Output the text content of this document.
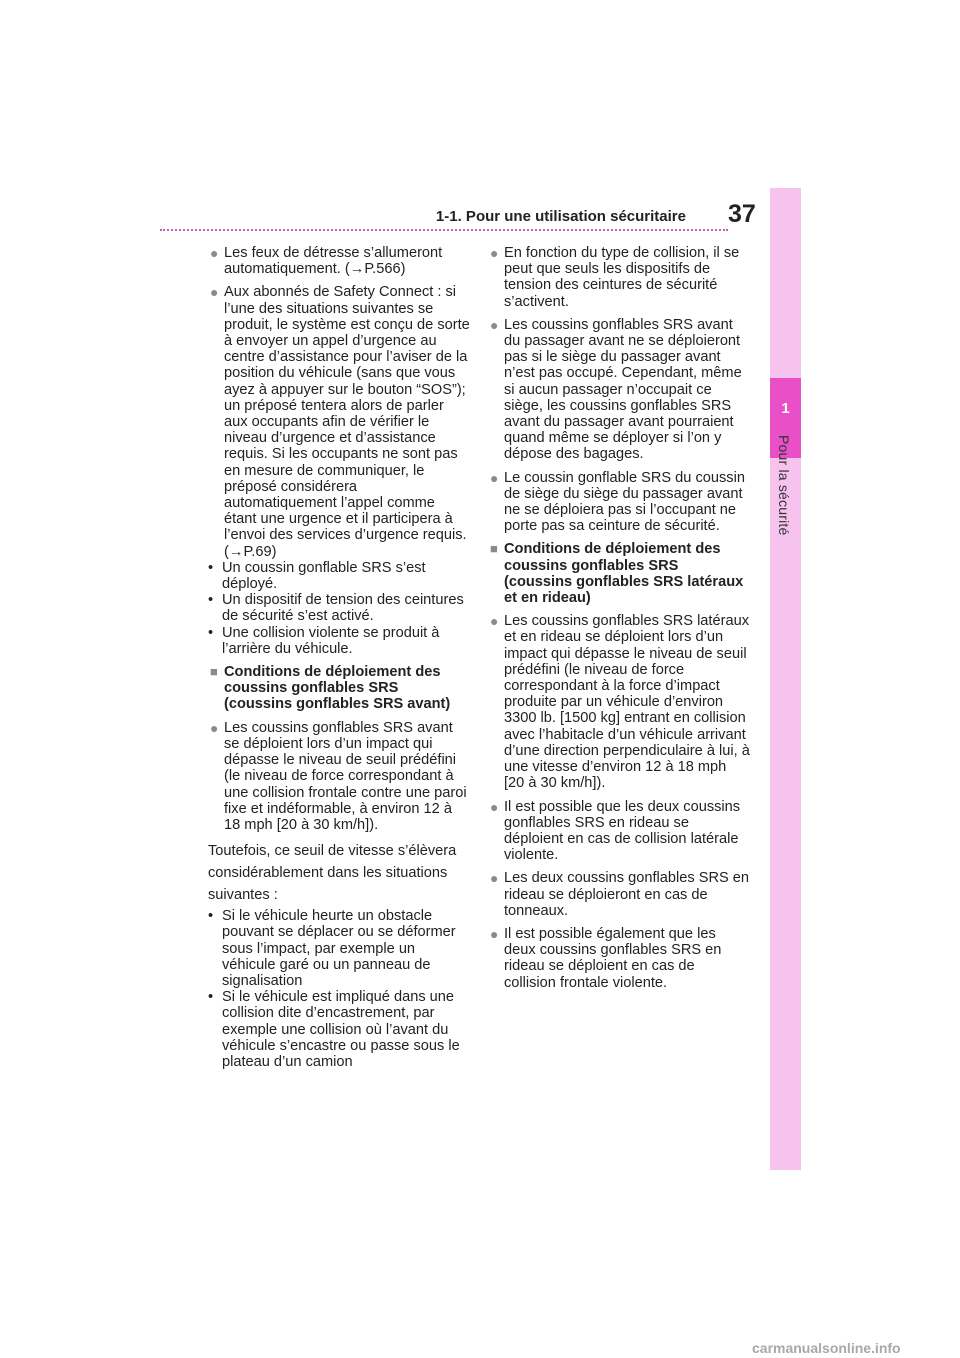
1-1. Pour une utilisation sécuritaire 37
1
Pour la sécurité
● Les feux de détresse s’allumeront automatiquement. (→P.566)
● Aux abonnés de Safety Connect : si l’une des situations suivantes se produit, le système est conçu de sorte à envoyer un appel d’urgence au centre d’assistance pour l’aviser de la position du véhicule (sans que vous ayez à appuyer sur le bouton “SOS”); un préposé tentera alors de parler aux occupants afin de vérifier le niveau d’urgence et d’assistance requis. Si les occupants ne sont pas en mesure de communiquer, le préposé considérera automatiquement l’appel comme étant une urgence et il participera à l’envoi des services d’urgence requis. (→P.69)
• Un coussin gonflable SRS s’est déployé.
• Un dispositif de tension des ceintures de sécurité s’est activé.
• Une collision violente se produit à l’arrière du véhicule.
■ Conditions de déploiement des coussins gonflables SRS (coussins gonflables SRS avant)
● Les coussins gonflables SRS avant se déploient lors d’un impact qui dépasse le niveau de seuil prédéfini (le niveau de force correspondant à une collision frontale contre une paroi fixe et indéformable, à environ 12 à 18 mph [20 à 30 km/h]).
Toutefois, ce seuil de vitesse s’élèvera considérablement dans les situations suivantes :
• Si le véhicule heurte un obstacle pouvant se déplacer ou se déformer sous l’impact, par exemple un véhicule garé ou un panneau de signalisation
• Si le véhicule est impliqué dans une collision dite d’encastrement, par exemple une collision où l’avant du véhicule s’encastre ou passe sous le plateau d’un camion
● En fonction du type de collision, il se peut que seuls les dispositifs de tension des ceintures de sécurité s’activent.
● Les coussins gonflables SRS avant du passager avant ne se déploieront pas si le siège du passager avant n’est pas occupé. Cependant, même si aucun passager n’occupait ce siège, les coussins gonflables SRS avant du passager avant pourraient quand même se déployer si l’on y dépose des bagages.
● Le coussin gonflable SRS du coussin de siège du siège du passager avant ne se déploiera pas si l’occupant ne porte pas sa ceinture de sécurité.
■ Conditions de déploiement des coussins gonflables SRS (coussins gonflables SRS latéraux et en rideau)
● Les coussins gonflables SRS latéraux et en rideau se déploient lors d’un impact qui dépasse le niveau de seuil prédéfini (le niveau de force correspondant à la force d’impact produite par un véhicule d’environ 3300 lb. [1500 kg] entrant en collision avec l’habitacle d’un véhicule arrivant d’une direction perpendiculaire à lui, à une vitesse d’environ 12 à 18 mph [20 à 30 km/h]).
● Il est possible que les deux coussins gonflables SRS en rideau se déploient en cas de collision latérale violente.
● Les deux coussins gonflables SRS en rideau se déploieront en cas de tonneaux.
● Il est possible également que les deux coussins gonflables SRS en rideau se déploient en cas de collision frontale violente.
carmanualsonline.info
